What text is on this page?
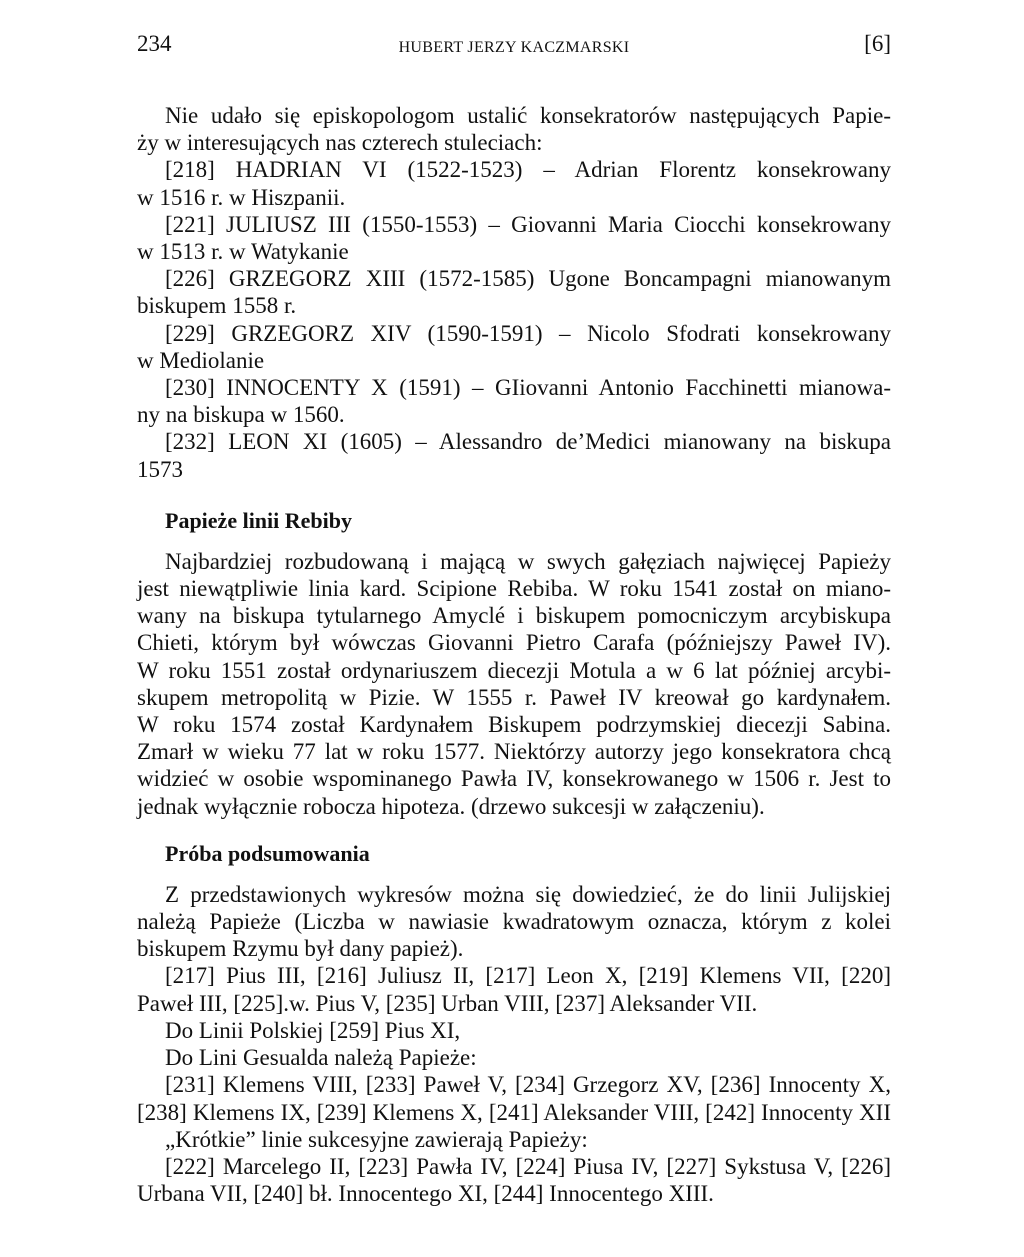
234	HUBERT JERZY KACZMARSKI	[6]

Nie udało się episkopologom ustalić konsekratorów następujących Papie-

ży w interesujących nas czterech stuleciach:

[218] HADRIAN VI (1522-1523) – Adrian Florentz konsekrowany

w 1516 r. w Hiszpanii.

[221] JULIUSZ III (1550-1553) – Giovanni Maria Ciocchi konsekrowany

w 1513 r. w Watykanie

[226] GRZEGORZ XIII (1572-1585) Ugone Boncampagni mianowanym

biskupem 1558 r.

[229] GRZEGORZ XIV (1590-1591) – Nicolo Sfodrati konsekrowany

w Mediolanie

[230] INNOCENTY X (1591) – GIiovanni Antonio Facchinetti mianowa-

ny na biskupa w 1560.

[232] LEON XI (1605) – Alessandro de’Medici mianowany na biskupa

1573

Papieże linii Rebiby

Najbardziej rozbudowaną i mającą w swych gałęziach najwięcej Papieży

jest niewątpliwie linia kard. Scipione Rebiba. W roku 1541 został on miano-

wany na biskupa tytularnego Amyclé i biskupem pomocniczym arcybiskupa

Chieti, którym był wówczas Giovanni Pietro Carafa (późniejszy Paweł IV).

W roku 1551 został ordynariuszem diecezji Motula a w 6 lat później arcybi-

skupem metropolitą w Pizie. W 1555 r. Paweł IV kreował go kardynałem.

W roku 1574 został Kardynałem Biskupem podrzymskiej diecezji Sabina.

Zmarł w wieku 77 lat w roku 1577. Niektórzy autorzy jego konsekratora chcą

widzieć w osobie wspominanego Pawła IV, konsekrowanego w 1506 r. Jest to

jednak wyłącznie robocza hipoteza. (drzewo sukcesji w załączeniu).

Próba podsumowania

Z przedstawionych wykresów można się dowiedzieć, że do linii Julijskiej

należą Papieże (Liczba w nawiasie kwadratowym oznacza, którym z kolei

biskupem Rzymu był dany papież).

[217] Pius III, [216] Juliusz II, [217] Leon X, [219] Klemens VII, [220]

Paweł III, [225].w. Pius V, [235] Urban VIII, [237] Aleksander VII.

Do Linii Polskiej [259] Pius XI,

Do Lini Gesualda należą Papieże:

[231] Klemens VIII, [233] Paweł V, [234] Grzegorz XV, [236] Innocenty X,

[238] Klemens IX, [239] Klemens X, [241] Aleksander VIII, [242] Innocenty XII

„Krótkie” linie sukcesyjne zawierają Papieży:

[222] Marcelego II, [223] Pawła IV, [224] Piusa IV, [227] Sykstusa V, [226]

Urbana VII, [240] bł. Innocentego XI, [244] Innocentego XIII.
